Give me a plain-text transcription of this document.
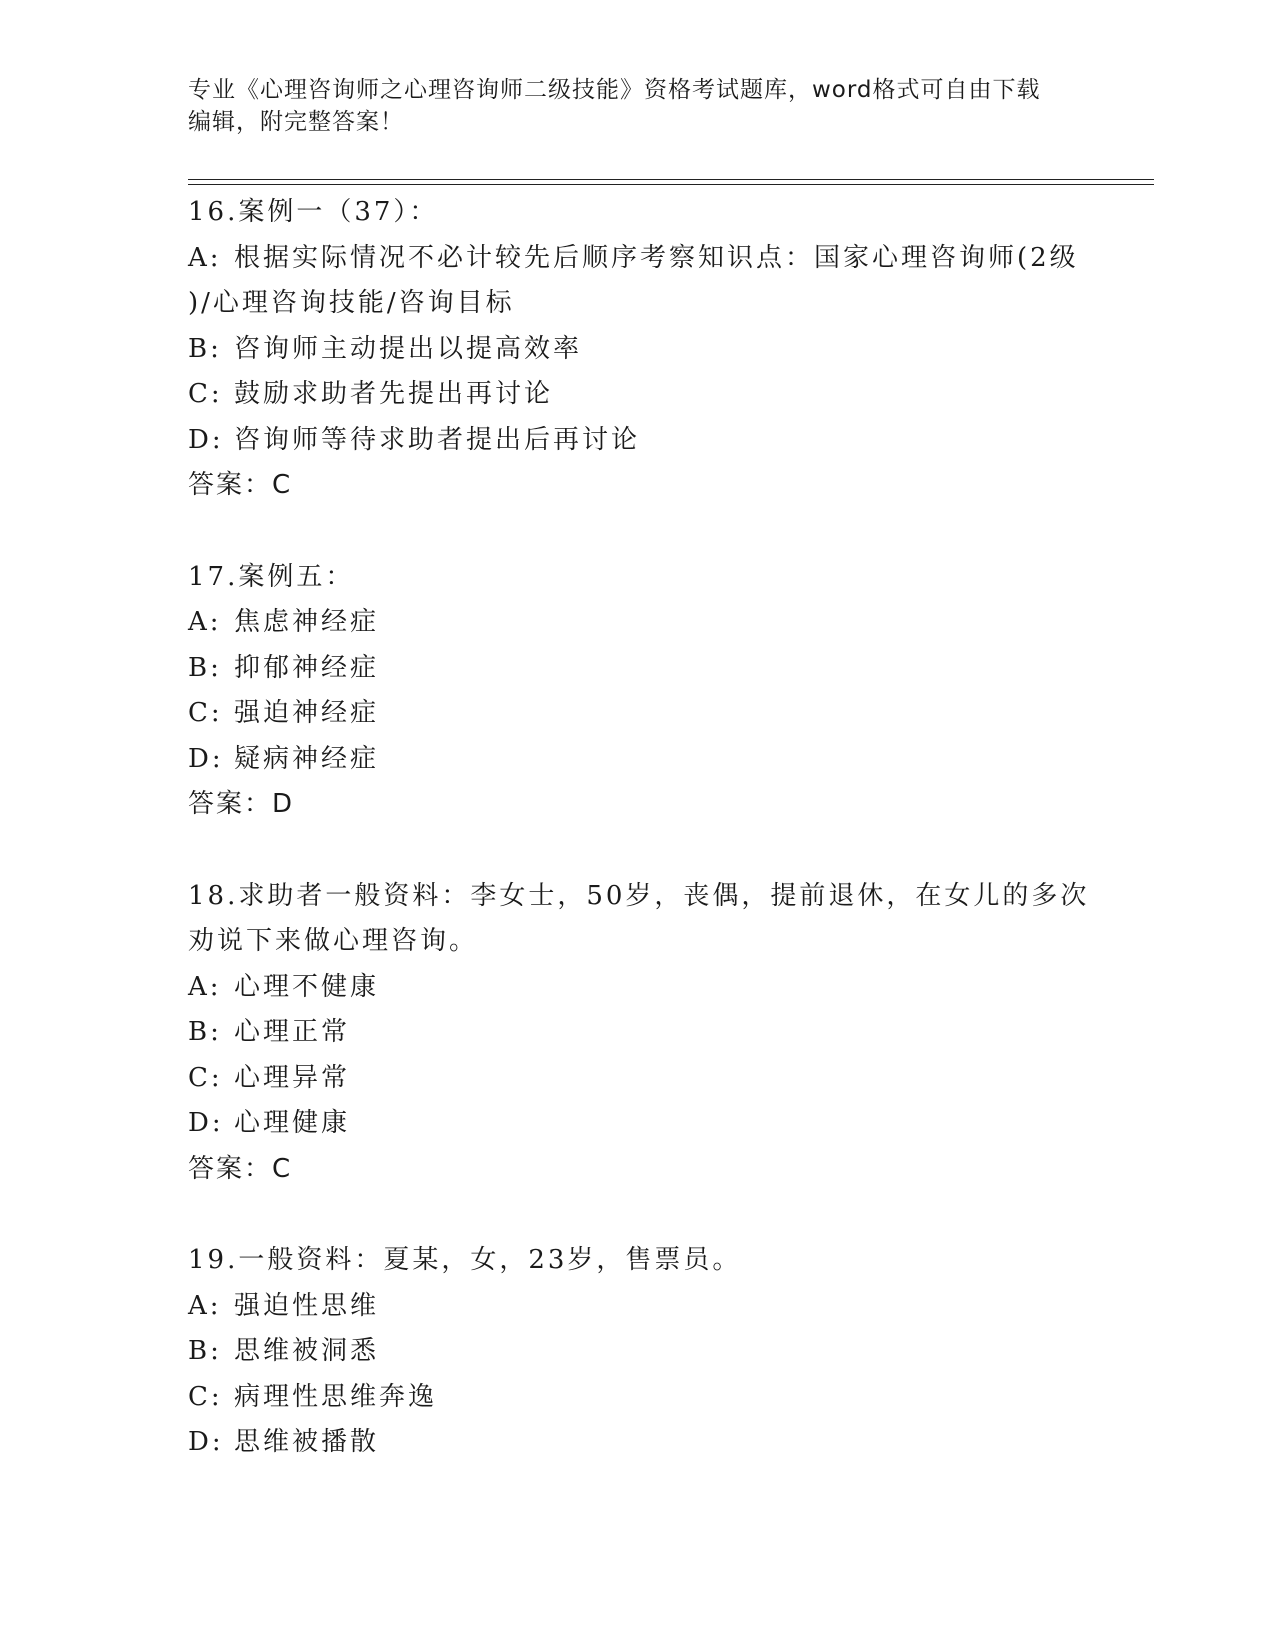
专业《心理咨询师之心理咨询师二级技能》资格考试题库，word格式可自由下载
编辑，附完整答案！
16.案例一（37）：
A: 根据实际情况不必计较先后顺序考察知识点：国家心理咨询师(2级
)/心理咨询技能/咨询目标
B: 咨询师主动提出以提高效率
C: 鼓励求助者先提出再讨论
D: 咨询师等待求助者提出后再讨论
答案：C
17.案例五：
A: 焦虑神经症
B: 抑郁神经症
C: 强迫神经症
D: 疑病神经症
答案：D
18.求助者一般资料：李女士，50岁，丧偶，提前退休，在女儿的多次
劝说下来做心理咨询。
A: 心理不健康
B: 心理正常
C: 心理异常
D: 心理健康
答案：C
19.一般资料：夏某，女，23岁，售票员。
A: 强迫性思维
B: 思维被洞悉
C: 病理性思维奔逸
D: 思维被播散
